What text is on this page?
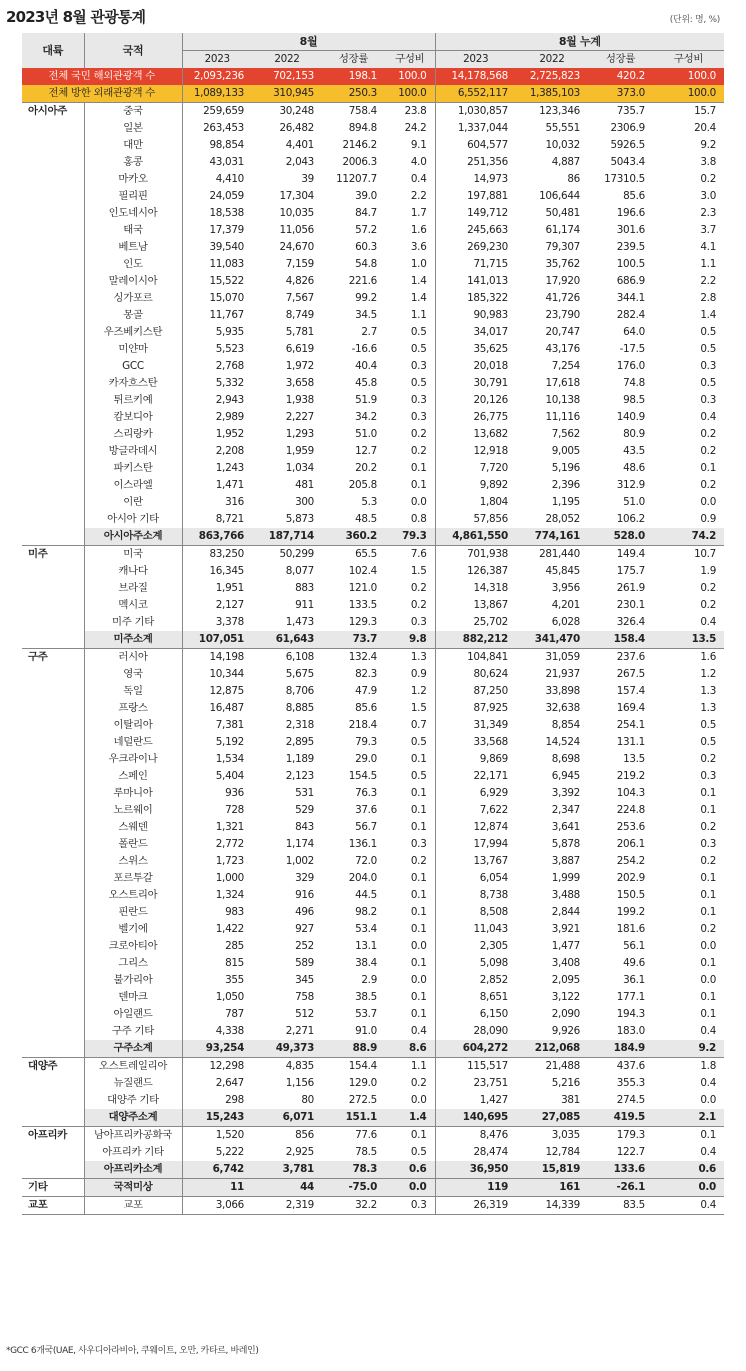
2023년 8월 관광통계	(단위: 명, %)
대륙	국적	8월				8월 누계			
		2023	2022	성장률	구성비	2023	2022	성장률	구성비
전체 국민 해외관광객 수		2,093,236	702,153	198.1	100.0	14,178,568	2,725,823	420.2	100.0
전체 방한 외래관광객 수		1,089,133	310,945	250.3	100.0	6,552,117	1,385,103	373.0	100.0
아시아주	중국	259,659	30,248	758.4	23.8	1,030,857	123,346	735.7	15.7
	일본	263,453	26,482	894.8	24.2	1,337,044	55,551	2306.9	20.4
	대만	98,854	4,401	2146.2	9.1	604,577	10,032	5926.5	9.2
	홍콩	43,031	2,043	2006.3	4.0	251,356	4,887	5043.4	3.8
	마카오	4,410	39	11207.7	0.4	14,973	86	17310.5	0.2
	필리핀	24,059	17,304	39.0	2.2	197,881	106,644	85.6	3.0
	인도네시아	18,538	10,035	84.7	1.7	149,712	50,481	196.6	2.3
	태국	17,379	11,056	57.2	1.6	245,663	61,174	301.6	3.7
	베트남	39,540	24,670	60.3	3.6	269,230	79,307	239.5	4.1
	인도	11,083	7,159	54.8	1.0	71,715	35,762	100.5	1.1
	말레이시아	15,522	4,826	221.6	1.4	141,013	17,920	686.9	2.2
	싱가포르	15,070	7,567	99.2	1.4	185,322	41,726	344.1	2.8
	몽골	11,767	8,749	34.5	1.1	90,983	23,790	282.4	1.4
	우즈베키스탄	5,935	5,781	2.7	0.5	34,017	20,747	64.0	0.5
	미얀마	5,523	6,619	-16.6	0.5	35,625	43,176	-17.5	0.5
	GCC	2,768	1,972	40.4	0.3	20,018	7,254	176.0	0.3
	카자흐스탄	5,332	3,658	45.8	0.5	30,791	17,618	74.8	0.5
	튀르키예	2,943	1,938	51.9	0.3	20,126	10,138	98.5	0.3
	캄보디아	2,989	2,227	34.2	0.3	26,775	11,116	140.9	0.4
	스리랑카	1,952	1,293	51.0	0.2	13,682	7,562	80.9	0.2
	방글라데시	2,208	1,959	12.7	0.2	12,918	9,005	43.5	0.2
	파키스탄	1,243	1,034	20.2	0.1	7,720	5,196	48.6	0.1
	이스라엘	1,471	481	205.8	0.1	9,892	2,396	312.9	0.2
	이란	316	300	5.3	0.0	1,804	1,195	51.0	0.0
	아시아 기타	8,721	5,873	48.5	0.8	57,856	28,052	106.2	0.9
	아시아주소계	863,766	187,714	360.2	79.3	4,861,550	774,161	528.0	74.2
미주	미국	83,250	50,299	65.5	7.6	701,938	281,440	149.4	10.7
	캐나다	16,345	8,077	102.4	1.5	126,387	45,845	175.7	1.9
	브라질	1,951	883	121.0	0.2	14,318	3,956	261.9	0.2
	멕시코	2,127	911	133.5	0.2	13,867	4,201	230.1	0.2
	미주 기타	3,378	1,473	129.3	0.3	25,702	6,028	326.4	0.4
	미주소계	107,051	61,643	73.7	9.8	882,212	341,470	158.4	13.5
구주	러시아	14,198	6,108	132.4	1.3	104,841	31,059	237.6	1.6
	영국	10,344	5,675	82.3	0.9	80,624	21,937	267.5	1.2
	독일	12,875	8,706	47.9	1.2	87,250	33,898	157.4	1.3
	프랑스	16,487	8,885	85.6	1.5	87,925	32,638	169.4	1.3
	이탈리아	7,381	2,318	218.4	0.7	31,349	8,854	254.1	0.5
	네덜란드	5,192	2,895	79.3	0.5	33,568	14,524	131.1	0.5
	우크라이나	1,534	1,189	29.0	0.1	9,869	8,698	13.5	0.2
	스페인	5,404	2,123	154.5	0.5	22,171	6,945	219.2	0.3
	루마니아	936	531	76.3	0.1	6,929	3,392	104.3	0.1
	노르웨이	728	529	37.6	0.1	7,622	2,347	224.8	0.1
	스웨덴	1,321	843	56.7	0.1	12,874	3,641	253.6	0.2
	폴란드	2,772	1,174	136.1	0.3	17,994	5,878	206.1	0.3
	스위스	1,723	1,002	72.0	0.2	13,767	3,887	254.2	0.2
	포르투갈	1,000	329	204.0	0.1	6,054	1,999	202.9	0.1
	오스트리아	1,324	916	44.5	0.1	8,738	3,488	150.5	0.1
	핀란드	983	496	98.2	0.1	8,508	2,844	199.2	0.1
	벨기에	1,422	927	53.4	0.1	11,043	3,921	181.6	0.2
	크로아티아	285	252	13.1	0.0	2,305	1,477	56.1	0.0
	그리스	815	589	38.4	0.1	5,098	3,408	49.6	0.1
	불가리아	355	345	2.9	0.0	2,852	2,095	36.1	0.0
	덴마크	1,050	758	38.5	0.1	8,651	3,122	177.1	0.1
	아일랜드	787	512	53.7	0.1	6,150	2,090	194.3	0.1
	구주 기타	4,338	2,271	91.0	0.4	28,090	9,926	183.0	0.4
	구주소계	93,254	49,373	88.9	8.6	604,272	212,068	184.9	9.2
대양주	오스트레일리아	12,298	4,835	154.4	1.1	115,517	21,488	437.6	1.8
	뉴질랜드	2,647	1,156	129.0	0.2	23,751	5,216	355.3	0.4
	대양주 기타	298	80	272.5	0.0	1,427	381	274.5	0.0
	대양주소계	15,243	6,071	151.1	1.4	140,695	27,085	419.5	2.1
아프리카	남아프리카공화국	1,520	856	77.6	0.1	8,476	3,035	179.3	0.1
	아프리카 기타	5,222	2,925	78.5	0.5	28,474	12,784	122.7	0.4
	아프리카소계	6,742	3,781	78.3	0.6	36,950	15,819	133.6	0.6
기타	국적미상	11	44	-75.0	0.0	119	161	-26.1	0.0
교포	교포	3,066	2,319	32.2	0.3	26,319	14,339	83.5	0.4
*GCC 6개국(UAE, 사우디아라비아, 쿠웨이트, 오만, 카타르, 바레인)
